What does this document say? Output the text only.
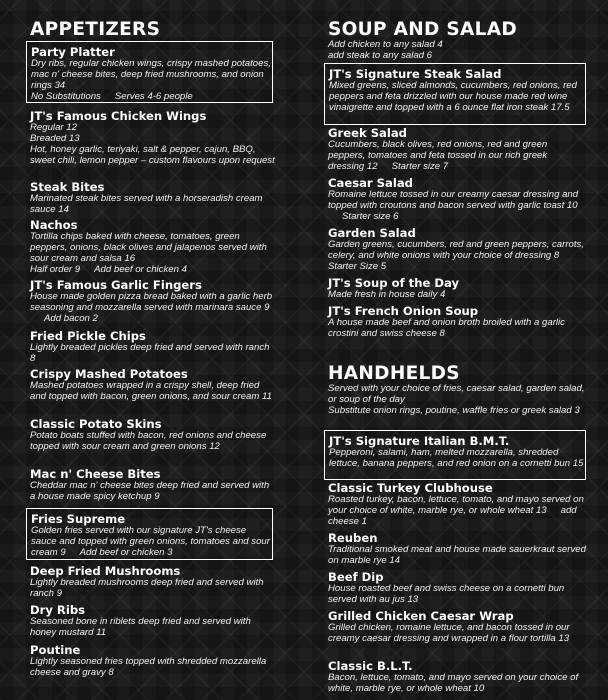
APPETIZERS
Party Platter
Dry ribs, regular chicken wings, crispy mashed potatoes, mac n' cheese bites, deep fried mushrooms, and onion rings 34
No Substitutions Serves 4-6 people
JT's Famous Chicken Wings
Regular 12
Breaded 13
Hot, honey garlic, teriyaki, salt & pepper, cajun, BBQ, sweet chili, lemon pepper – custom flavours upon request
Steak Bites
Marinated steak bites served with a horseradish cream sauce 14
Nachos
Tortilla chips baked with cheese, tomatoes, green peppers, onions, black olives and jalapenos served with sour cream and salsa 16
Half order 9 Add beef or chicken 4
JT's Famous Garlic Fingers
House made golden pizza bread baked with a garlic herb seasoning and mozzarella served with marinara sauce 9Add bacon 2
Fried Pickle Chips
Lightly breaded pickles deep fried and served with ranch 8
Crispy Mashed Potatoes
Mashed potatoes wrapped in a crispy shell, deep fried and topped with bacon, green onions, and sour cream 11
Classic Potato Skins
Potato boats stuffed with bacon, red onions and cheese topped with sour cream and green onions 12
Mac n' Cheese Bites
Cheddar mac n' cheese bites deep fried and served with a house made spicy ketchup 9
Fries Supreme
Golden fries served with our signature JT's cheese sauce and topped with green onions, tomatoes and sour cream 9 Add beef or chicken 3
Deep Fried Mushrooms
Lightly breaded mushrooms deep fried and served with ranch 9
Dry Ribs
Seasoned bone in riblets deep fried and served with honey mustard 11
Poutine
Lightly seasoned fries topped with shredded mozzarella cheese and gravy 8
SOUP AND SALAD
Add chicken to any salad 4
add steak to any salad 6
JT's Signature Steak Salad
Mixed greens, sliced almonds, cucumbers, red onions, red peppers and feta drizzled with our house made red wine vinaigrette and topped with a 6 ounce flat iron steak 17.5
Greek Salad
Cucumbers, black olives, red onions, red and green peppers, tomatoes and feta tossed in our rich greek dressing 12 Starter size 7
Caesar Salad
Romaine lettuce tossed in our creamy caesar dressing and topped with croutons and bacon served with garlic toast 10Starter size 6
Garden Salad
Garden greens, cucumbers, red and green peppers, carrots, celery, and white onions with your choice of dressing 8Starter Size 5
JT's Soup of the Day
Made fresh in house daily 4
JT's French Onion Soup
A house made beef and onion broth broiled with a garlic crostini and swiss cheese 8
HANDHELDS
Served with your choice of fries, caesar salad, garden salad, or soup of the day
Substitute onion rings, poutine, waffle fries or greek salad 3
JT's Signature Italian B.M.T.
Pepperoni, salami, ham, melted mozzarella, shredded lettuce, banana peppers, and red onion on a cornetti bun 15
Classic Turkey Clubhouse
Roasted turkey, bacon, lettuce, tomato, and mayo served on your choice of white, marble rye, or whole wheat 13 add cheese 1
Reuben
Traditional smoked meat and house made sauerkraut served on marble rye 14
Beef Dip
House roasted beef and swiss cheese on a cornetti bun served with au jus 13
Grilled Chicken Caesar Wrap
Grilled chicken, romaine lettuce, and bacon tossed in our creamy caesar dressing and wrapped in a flour tortilla 13
Classic B.L.T.
Bacon, lettuce, tomato, and mayo served on your choice of white, marble rye, or whole wheat 10
